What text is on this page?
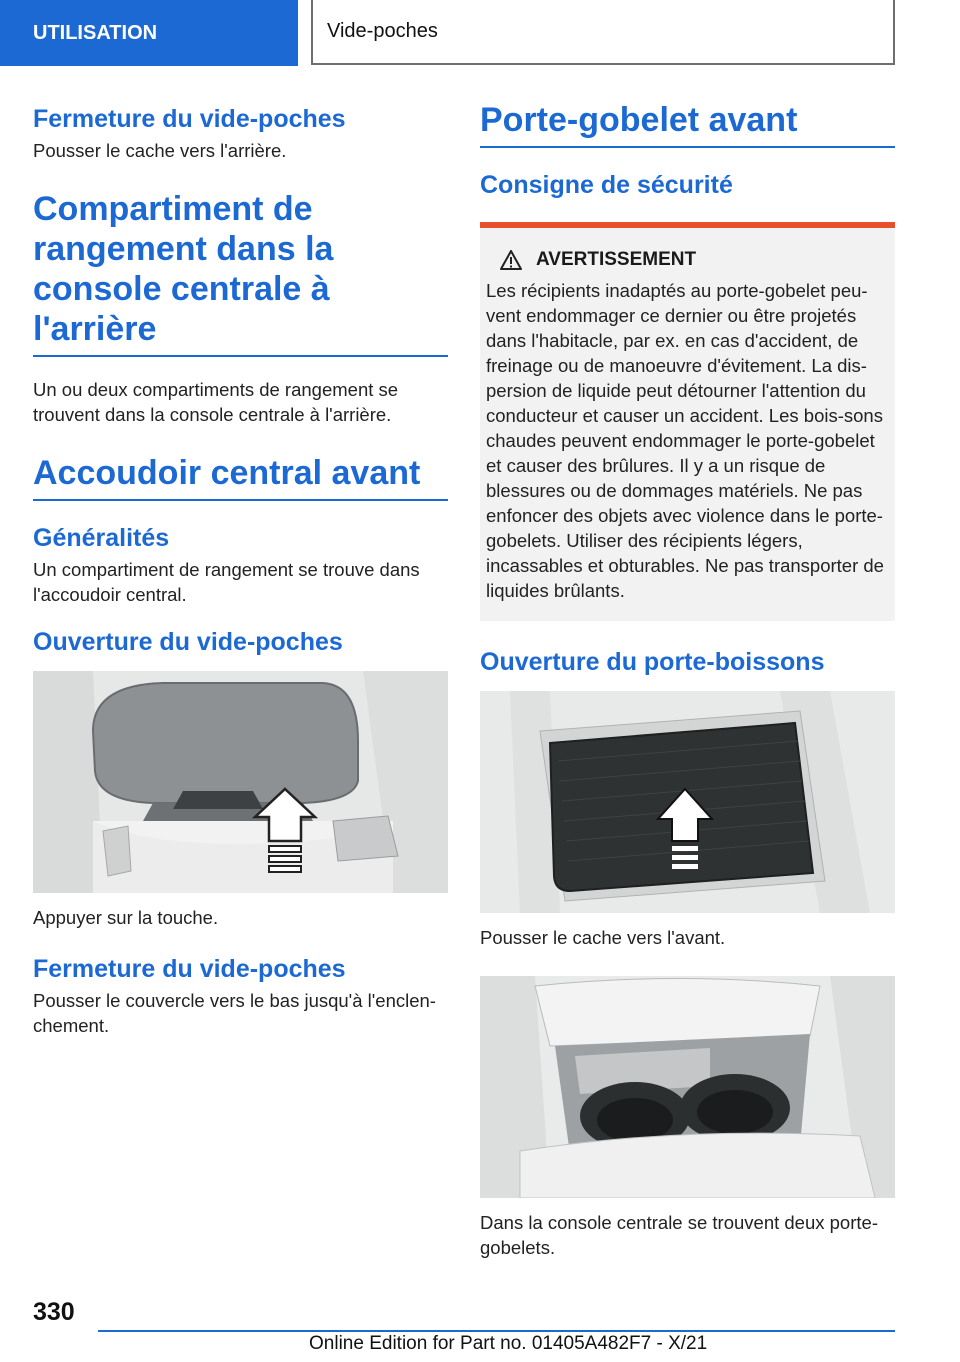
UTILISATION	Vide-poches
Fermeture du vide-poches
Pousser le cache vers l'arrière.
Compartiment de rangement dans la console centrale à l'arrière
Un ou deux compartiments de rangement se trouvent dans la console centrale à l'arrière.
Accoudoir central avant
Généralités
Un compartiment de rangement se trouve dans l'accoudoir central.
Ouverture du vide-poches
Appuyer sur la touche.
Fermeture du vide-poches
Pousser le couvercle vers le bas jusqu'à l'enclen-chement.
Porte-gobelet avant
Consigne de sécurité
AVERTISSEMENT
Les récipients inadaptés au porte-gobelet peu-vent endommager ce dernier ou être projetés dans l'habitacle, par ex. en cas d'accident, de freinage ou de manoeuvre d'évitement. La dis-persion de liquide peut détourner l'attention du conducteur et causer un accident. Les bois-sons chaudes peuvent endommager le porte-gobelet et causer des brûlures. Il y a un risque de blessures ou de dommages matériels. Ne pas enfoncer des objets avec violence dans le porte-gobelets. Utiliser des récipients légers, incassables et obturables. Ne pas transporter de liquides brûlants.
Ouverture du porte-boissons
Pousser le cache vers l'avant.
Dans la console centrale se trouvent deux porte-gobelets.
330
Online Edition for Part no. 01405A482F7 - X/21
